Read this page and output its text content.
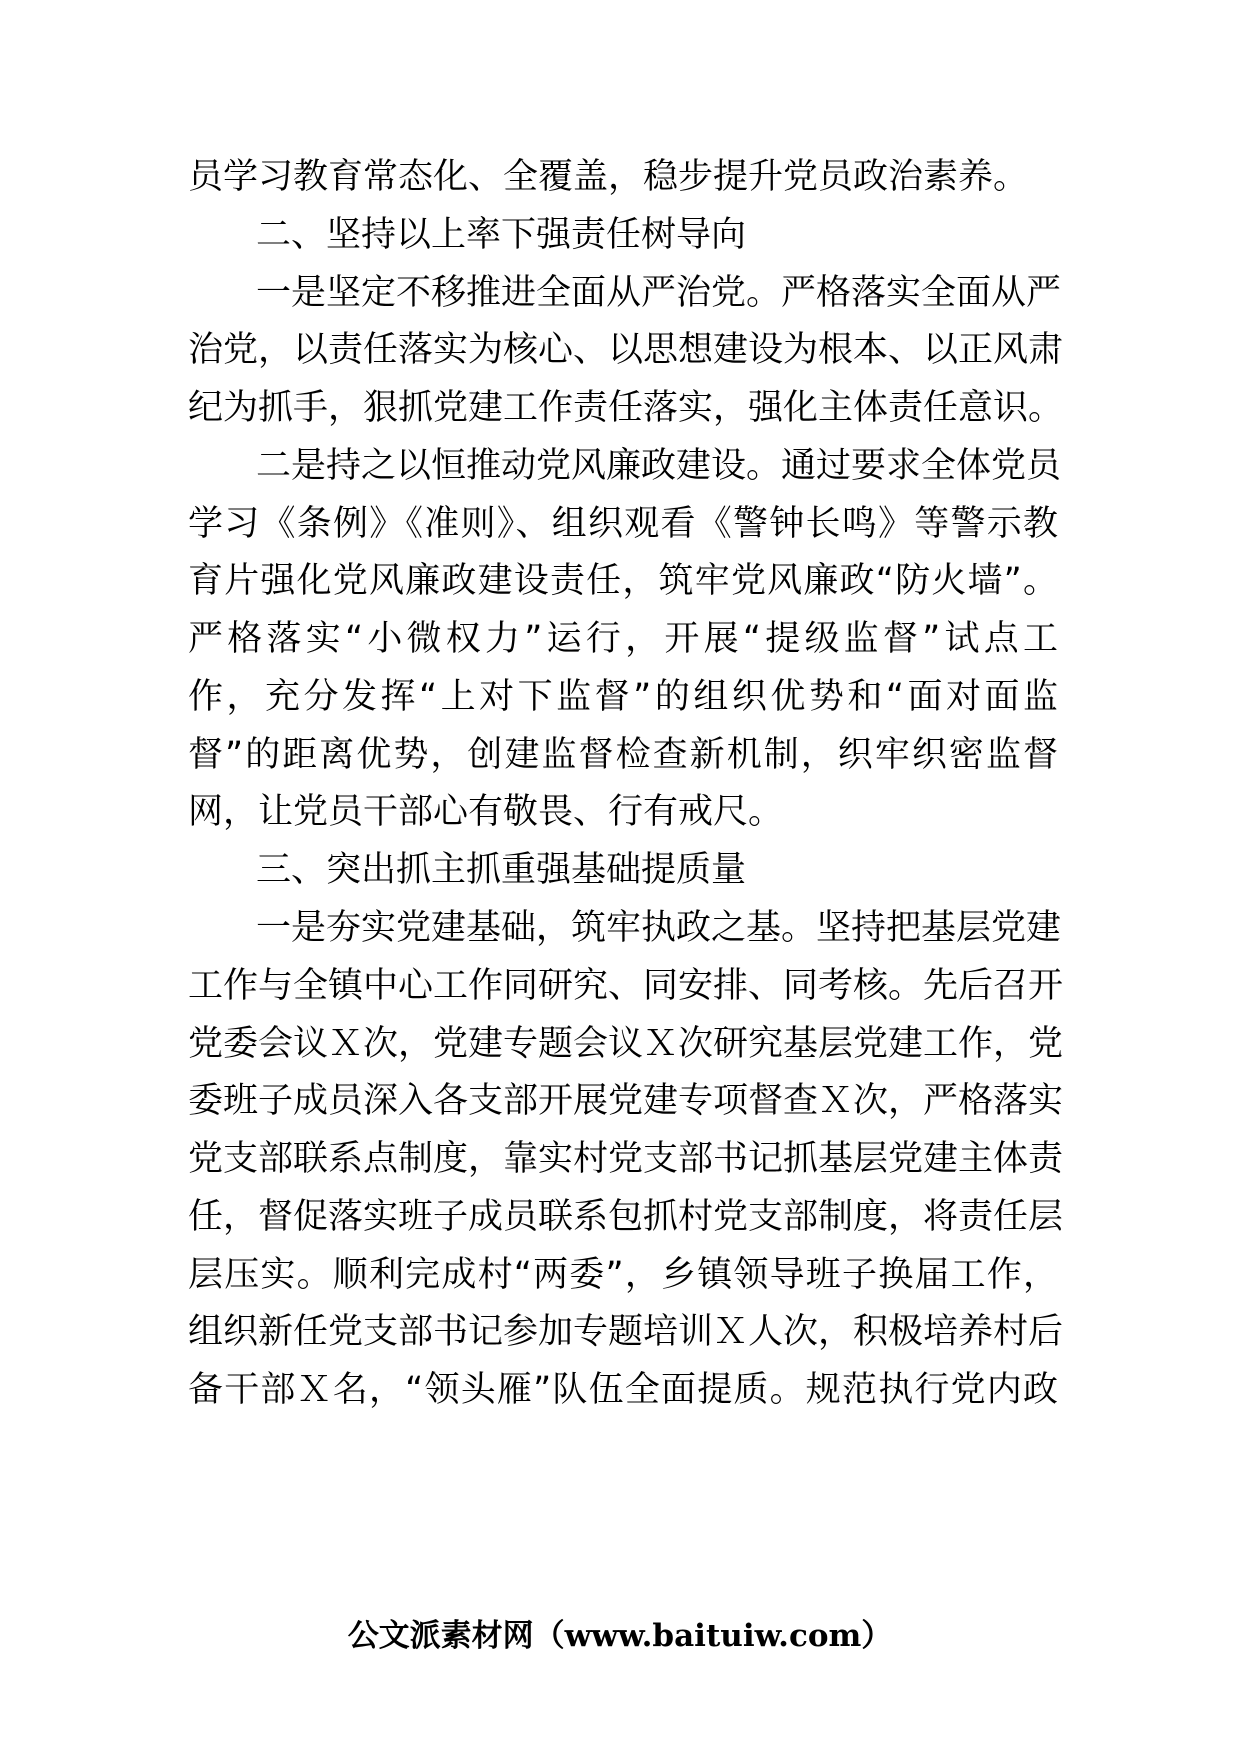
员学习教育常态化、全覆盖，稳步提升党员政治素养。
二、坚持以上率下强责任树导向
一是坚定不移推进全面从严治党。严格落实全面从严
治党，以责任落实为核心、以思想建设为根本、以正风肃
纪为抓手，狠抓党建工作责任落实，强化主体责任意识。
二是持之以恒推动党风廉政建设。通过要求全体党员
学习《条例》《准则》、组织观看《警钟长鸣》等警示教
育片强化党风廉政建设责任，筑牢党风廉政“防火墙”。
严格落实“小微权力”运行，开展“提级监督”试点工
作，充分发挥“上对下监督”的组织优势和“面对面监
督”的距离优势，创建监督检查新机制，织牢织密监督
网，让党员干部心有敬畏、行有戒尺。
三、突出抓主抓重强基础提质量
一是夯实党建基础，筑牢执政之基。坚持把基层党建
工作与全镇中心工作同研究、同安排、同考核。先后召开
党委会议Ｘ次，党建专题会议Ｘ次研究基层党建工作，党
委班子成员深入各支部开展党建专项督查Ｘ次，严格落实
党支部联系点制度，靠实村党支部书记抓基层党建主体责
任，督促落实班子成员联系包抓村党支部制度，将责任层
层压实。顺利完成村“两委”，乡镇领导班子换届工作，
组织新任党支部书记参加专题培训Ｘ人次，积极培养村后
备干部Ｘ名，“领头雁”队伍全面提质。规范执行党内政
公文派素材网（www.baituiw.com）
